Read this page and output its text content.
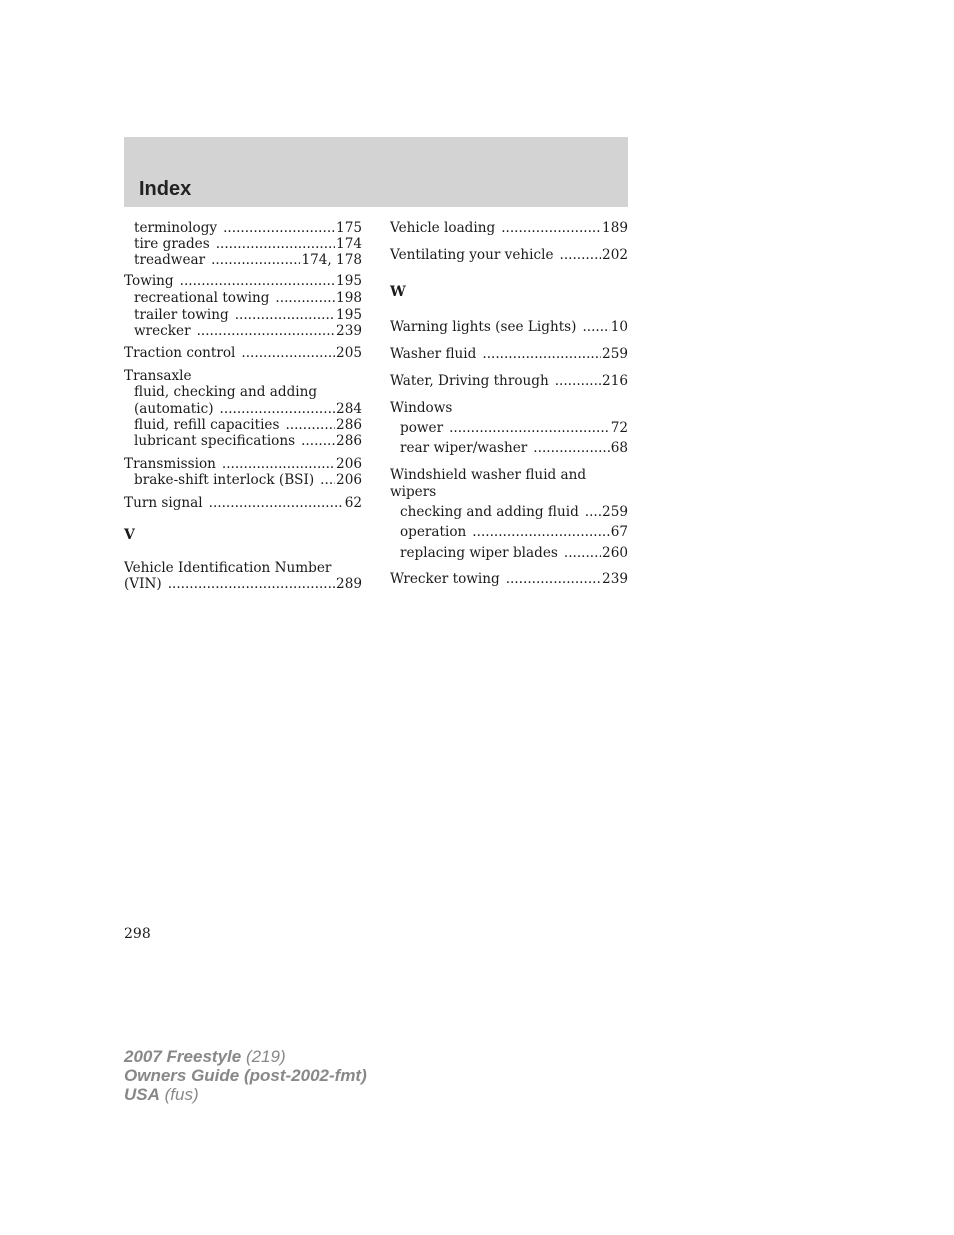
Index
terminology .....	175
tire grades .....	174
treadwear .....	174, 178
Towing .....	195
recreational towing .....	198
trailer towing .....	195
wrecker .....	239
Traction control .....	205
Transaxle
fluid, checking and adding
(automatic) .....	284
fluid, refill capacities .....	286
lubricant specifications .....	286
Transmission .....	206
brake-shift interlock (BSI) ..... 206
Turn signal .....	62
V
Vehicle Identification Number
(VIN) .....	289
Vehicle loading .....	189
Ventilating your vehicle .....	202
W
Warning lights (see Lights) .....	10
Washer fluid .....	259
Water, Driving through .....	216
Windows
power .....	72
rear wiper/washer .....	68
Windshield washer fluid and
wipers
checking and adding fluid ..... 259
operation .....	67
replacing wiper blades .....	260
Wrecker towing .....	239
298
2007 Freestyle (219)
Owners Guide (post-2002-fmt)
USA (fus)
